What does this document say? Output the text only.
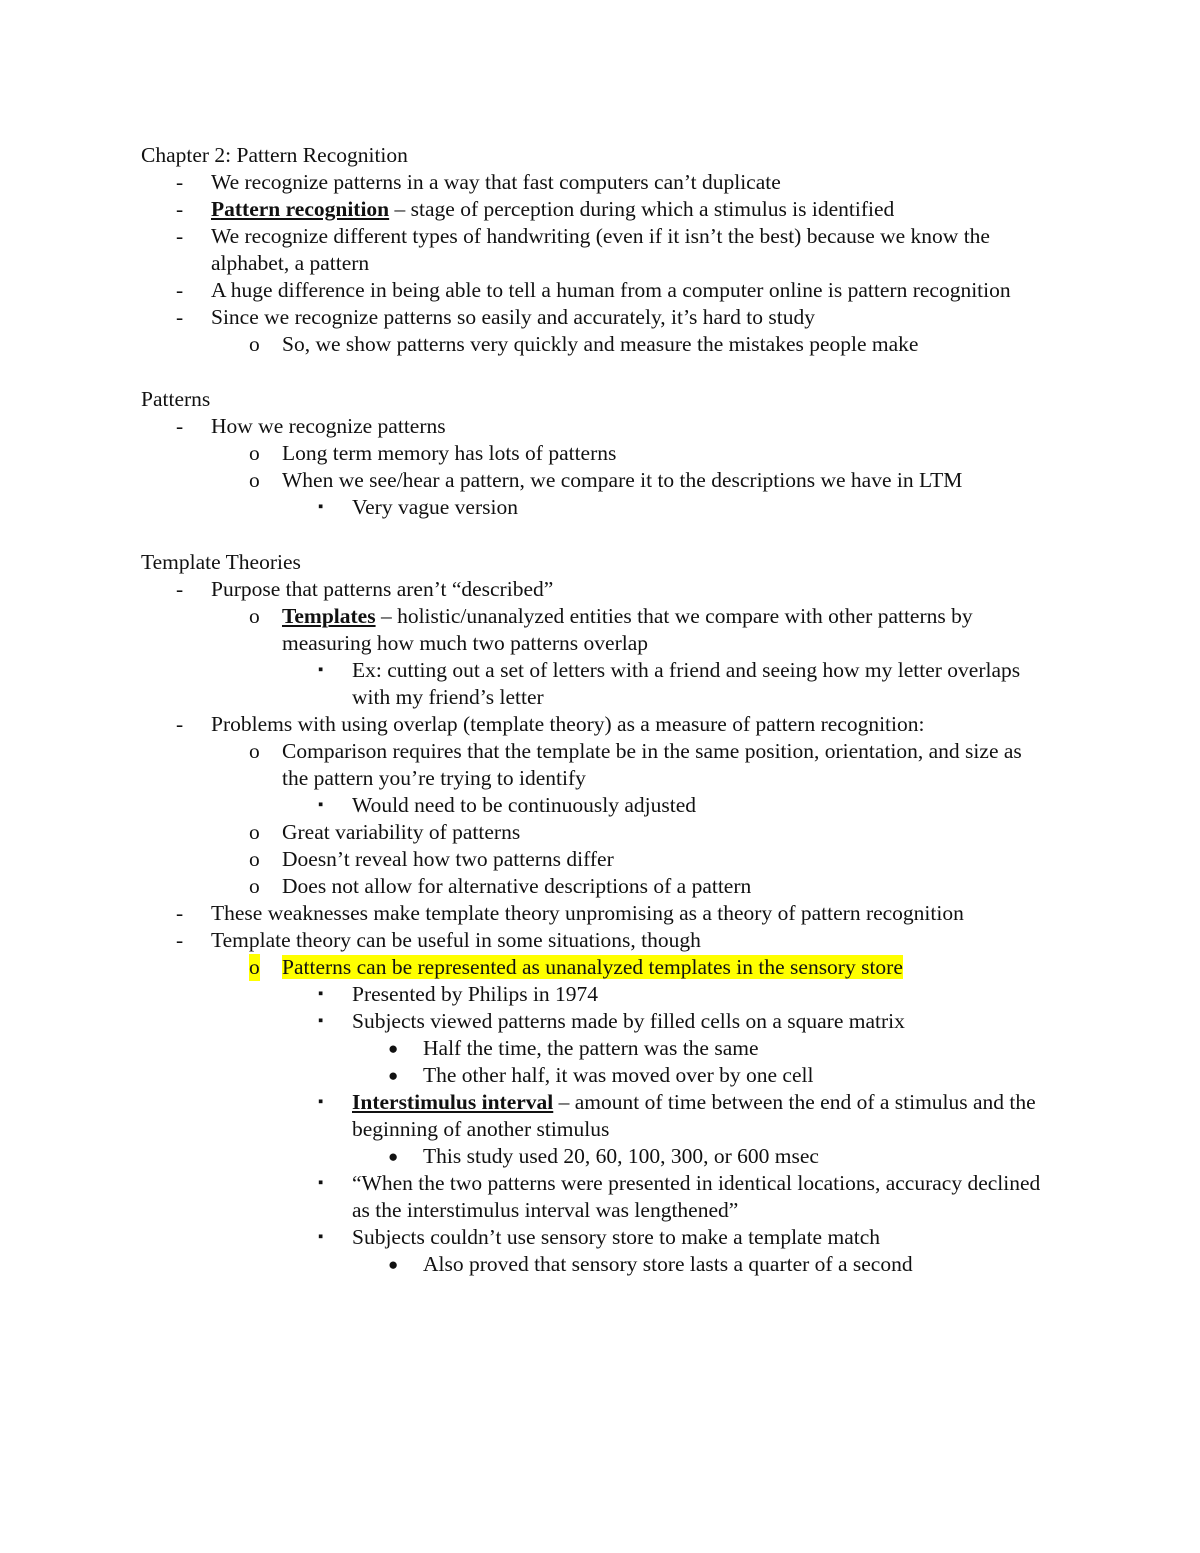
Chapter 2: Pattern Recognition
- We recognize patterns in a way that fast computers can’t duplicate
- Pattern recognition – stage of perception during which a stimulus is identified
- We recognize different types of handwriting (even if it isn’t the best) because we know the alphabet, a pattern
- A huge difference in being able to tell a human from a computer online is pattern recognition
- Since we recognize patterns so easily and accurately, it’s hard to study
o So, we show patterns very quickly and measure the mistakes people make
Patterns
- How we recognize patterns
o Long term memory has lots of patterns
o When we see/hear a pattern, we compare it to the descriptions we have in LTM
▪ Very vague version
Template Theories
- Purpose that patterns aren’t “described”
o Templates – holistic/unanalyzed entities that we compare with other patterns by measuring how much two patterns overlap
▪ Ex: cutting out a set of letters with a friend and seeing how my letter overlaps with my friend’s letter
- Problems with using overlap (template theory) as a measure of pattern recognition:
o Comparison requires that the template be in the same position, orientation, and size as the pattern you’re trying to identify
▪ Would need to be continuously adjusted
o Great variability of patterns
o Doesn’t reveal how two patterns differ
o Does not allow for alternative descriptions of a pattern
- These weaknesses make template theory unpromising as a theory of pattern recognition
- Template theory can be useful in some situations, though
o Patterns can be represented as unanalyzed templates in the sensory store
▪ Presented by Philips in 1974
▪ Subjects viewed patterns made by filled cells on a square matrix
● Half the time, the pattern was the same
● The other half, it was moved over by one cell
▪ Interstimulus interval – amount of time between the end of a stimulus and the beginning of another stimulus
● This study used 20, 60, 100, 300, or 600 msec
▪ “When the two patterns were presented in identical locations, accuracy declined as the interstimulus interval was lengthened”
▪ Subjects couldn’t use sensory store to make a template match
● Also proved that sensory store lasts a quarter of a second
